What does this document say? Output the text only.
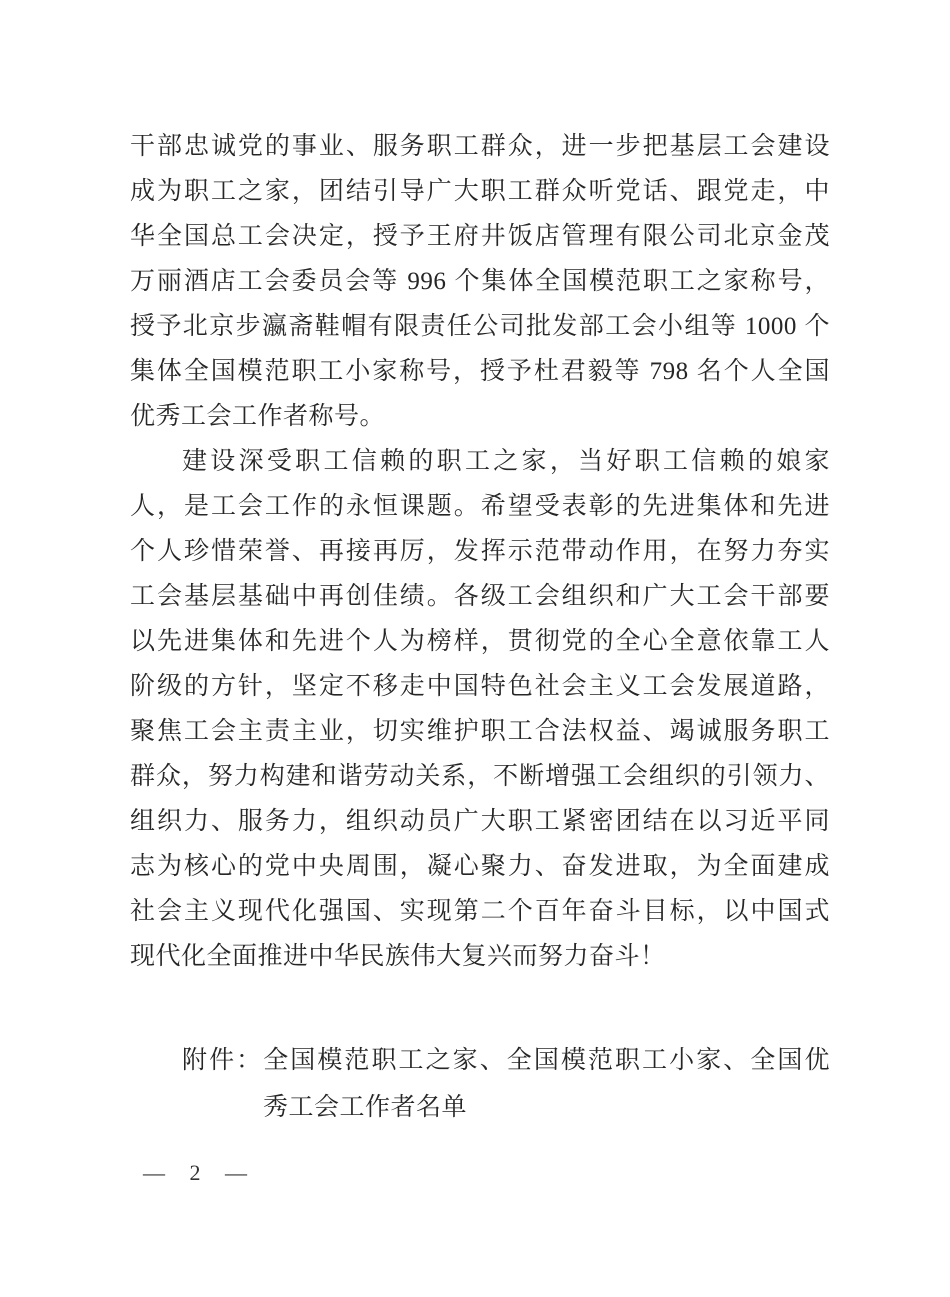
干部忠诚党的事业、服务职工群众，进一步把基层工会建设
成为职工之家，团结引导广大职工群众听党话、跟党走，中
华全国总工会决定，授予王府井饭店管理有限公司北京金茂
万丽酒店工会委员会等 996 个集体全国模范职工之家称号，
授予北京步瀛斋鞋帽有限责任公司批发部工会小组等 1000 个
集体全国模范职工小家称号，授予杜君毅等 798 名个人全国
优秀工会工作者称号。
建设深受职工信赖的职工之家，当好职工信赖的娘家
人，是工会工作的永恒课题。希望受表彰的先进集体和先进
个人珍惜荣誉、再接再厉，发挥示范带动作用，在努力夯实
工会基层基础中再创佳绩。各级工会组织和广大工会干部要
以先进集体和先进个人为榜样，贯彻党的全心全意依靠工人
阶级的方针，坚定不移走中国特色社会主义工会发展道路，
聚焦工会主责主业，切实维护职工合法权益、竭诚服务职工
群众，努力构建和谐劳动关系，不断增强工会组织的引领力、
组织力、服务力，组织动员广大职工紧密团结在以习近平同
志为核心的党中央周围，凝心聚力、奋发进取，为全面建成
社会主义现代化强国、实现第二个百年奋斗目标，以中国式
现代化全面推进中华民族伟大复兴而努力奋斗！
附件：全国模范职工之家、全国模范职工小家、全国优
秀工会工作者名单
— 2 —
